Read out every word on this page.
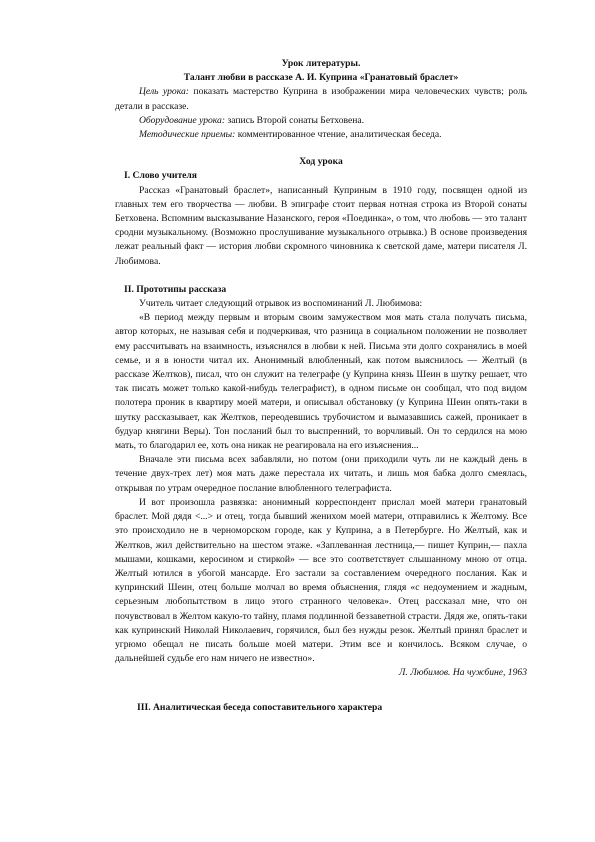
Урок литературы.
Талант любви в рассказе А. И. Куприна «Гранатовый браслет»

Цель урока: показать мастерство Куприна в изображении мира человеческих чувств; роль детали в рассказе.

Оборудование урока: запись Второй сонаты Бетховена.

Методические приемы: комментированное чтение, аналитическая беседа.

Ход урока

I. Слово учителя

Рассказ «Гранатовый браслет», написанный Куприным в 1910 году, посвящен одной из главных тем его творчества — любви. В эпиграфе стоит первая нотная строка из Второй сонаты Бетховена. Вспомним высказывание Назанского, героя «Поединка», о том, что любовь — это талант сродни музыкальному. (Возможно прослушивание музыкального отрывка.) В основе произведения лежат реальный факт — история любви скромного чиновника к светской даме, матери писателя Л. Любимова.

II. Прототипы рассказа

Учитель читает следующий отрывок из воспоминаний Л. Любимова:

«В период между первым и вторым своим замужеством моя мать стала получать письма, автор которых, не называя себя и подчеркивая, что разница в социальном положении не позволяет ему рассчитывать на взаимность, изъяснялся в любви к ней. Письма эти долго сохранялись в моей семье, и я в юности читал их. Анонимный влюбленный, как потом выяснилось — Желтый (в рассказе Желтков), писал, что он служит на телеграфе (у Куприна князь Шеин в шутку решает, что так писать может только какой-нибудь телеграфист), в одном письме он сообщал, что под видом полотера проник в квартиру моей матери, и описывал обстановку (у Куприна Шеин опять-таки в шутку рассказывает, как Желтков, переодевшись трубочистом и вымазавшись сажей, проникает в будуар княгини Веры). Тон посланий был то выспренний, то ворчливый. Он то сердился на мою мать, то благодарил ее, хоть она никак не реагировала на его изъяснения...

Вначале эти письма всех забавляли, но потом (они приходили чуть ли не каждый день в течение двух-трех лет) моя мать даже перестала их читать, и лишь моя бабка долго смеялась, открывая по утрам очередное послание влюбленного телеграфиста.

И вот произошла развязка: анонимный корреспондент прислал моей матери гранатовый браслет. Мой дядя <...> и отец, тогда бывший женихом моей матери, отправились к Желтому. Все это происходило не в черноморском городе, как у Куприна, а в Петербурге. Но Желтый, как и Желтков, жил действительно на шестом этаже. «Заплеванная лестница,— пишет Куприн,— пахла мышами, кошками, керосином и стиркой» — все это соответствует слышанному мною от отца. Желтый ютился в убогой мансарде. Его застали за составлением очередного послания. Как и купринский Шеин, отец больше молчал во время объяснения, глядя «с недоумением и жадным, серьезным любопытством в лицо этого странного человека». Отец рассказал мне, что он почувствовал в Желтом какую-то тайну, пламя подлинной беззаветной страсти. Дядя же, опять-таки как купринский Николай Николаевич, горячился, был без нужды резок. Желтый принял браслет и угрюмо обещал не писать больше моей матери. Этим все и кончилось. Всяком случае, о дальнейшей судьбе его нам ничего не известно».

Л. Любимов. На чужбине, 1963

III. Аналитическая беседа сопоставительного характера
